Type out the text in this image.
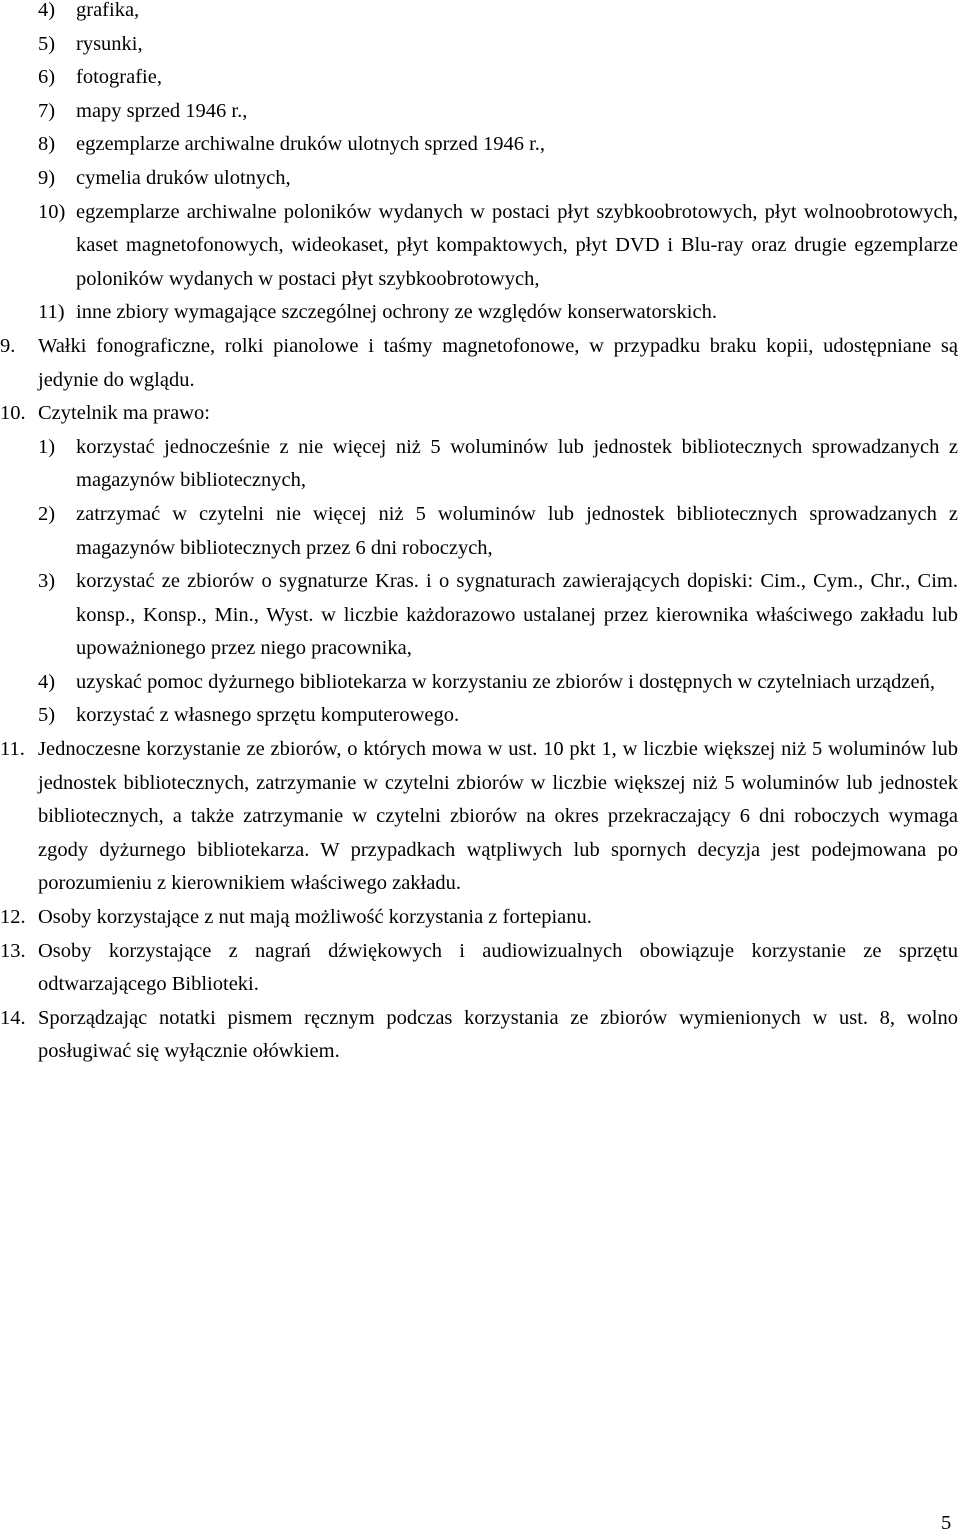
4) grafika,
5) rysunki,
6) fotografie,
7) mapy sprzed 1946 r.,
8) egzemplarze archiwalne druków ulotnych sprzed 1946 r.,
9) cymelia druków ulotnych,
10) egzemplarze archiwalne poloników wydanych w postaci płyt szybkoobrotowych, płyt wolnoobrotowych, kaset magnetofonowych, wideokaset, płyt kompaktowych, płyt DVD i Blu-ray oraz drugie egzemplarze poloników wydanych w postaci płyt szybkoobrotowych,
11) inne zbiory wymagające szczególnej ochrony ze względów konserwatorskich.
9. Wałki fonograficzne, rolki pianolowe i taśmy magnetofonowe, w przypadku braku kopii, udostępniane są jedynie do wglądu.
10. Czytelnik ma prawo:
1) korzystać jednocześnie z nie więcej niż 5 woluminów lub jednostek bibliotecznych sprowadzanych z magazynów bibliotecznych,
2) zatrzymać w czytelni nie więcej niż 5 woluminów lub jednostek bibliotecznych sprowadzanych z magazynów bibliotecznych przez 6 dni roboczych,
3) korzystać ze zbiorów o sygnaturze Kras. i o sygnaturach zawierających dopiski: Cim., Cym., Chr., Cim. konsp., Konsp., Min., Wyst. w liczbie każdorazowo ustalanej przez kierownika właściwego zakładu lub upoważnionego przez niego pracownika,
4) uzyskać pomoc dyżurnego bibliotekarza w korzystaniu ze zbiorów i dostępnych w czytelniach urządzeń,
5) korzystać z własnego sprzętu komputerowego.
11. Jednoczesne korzystanie ze zbiorów, o których mowa w ust. 10 pkt 1, w liczbie większej niż 5 woluminów lub jednostek bibliotecznych, zatrzymanie w czytelni zbiorów w liczbie większej niż 5 woluminów lub jednostek bibliotecznych, a także zatrzymanie w czytelni zbiorów na okres przekraczający 6 dni roboczych wymaga zgody dyżurnego bibliotekarza. W przypadkach wątpliwych lub spornych decyzja jest podejmowana po porozumieniu z kierownikiem właściwego zakładu.
12. Osoby korzystające z nut mają możliwość korzystania z fortepianu.
13. Osoby korzystające z nagrań dźwiękowych i audiowizualnych obowiązuje korzystanie ze sprzętu odtwarzającego Biblioteki.
14. Sporządzając notatki pismem ręcznym podczas korzystania ze zbiorów wymienionych w ust. 8, wolno posługiwać się wyłącznie ołówkiem.
5
